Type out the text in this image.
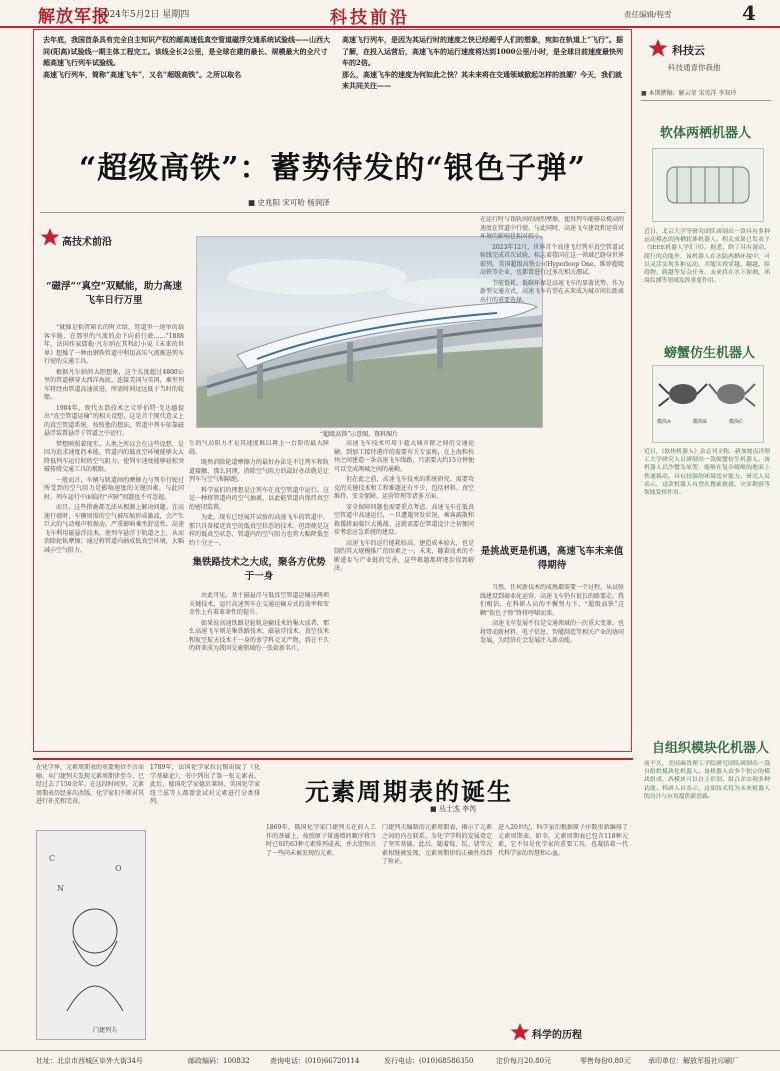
解放军报
2024年5月2日 星期四	科技前沿	责任编辑/程雪	4
去年底，我国首条具有完全自主知识产权的超高速低真空管道磁浮交通系统试验线——山西大同(阳高)试验线一期主体工程完工。该线全长2公里，是全球在建的最长、规模最大的全尺寸超高速飞行列车试验线。
高速飞行列车，简称“高速飞车”，又名“超级高铁”。之所以取名
高速飞行列车，是因为其运行时的速度之快已经超乎人们的想象，宛如在轨道上“飞行”。据了解，在投入运营后，高速飞车的运行速度将达到1000公里/小时，是全球目前速度最快列车的2倍。
那么，高速飞车的速度为何如此之快？其未来将在交通领域掀起怎样的浪潮？今天，我们就来共同关注——
“超级高铁”：蓄势待发的“银色子弹”
■ 史兆阳 宋可哈 杨润泽
高技术前沿
“磁浮”“真空”双赋能，助力高速飞车日行万里

“就像是粘管箱长的时立给，管道里一速单的载客车舱，在那里的气流的动下向前行驶……”1888年，法国作家儒勒·凡尔纳在其科幻小说《未来的世界》想像了一种由钢铁管道中利用高压气流推进列车行驶的交通工具。

根据凡尔纳的大胆想象，这个长度超过4800公里的管道横穿大西洋海底，连接美国与英国，乘坐列车将经由管道高速前进，所需时间远远低于当时的轮船。

1904年，现代火箭技术之父罗伯特·戈达德提出“真空管道运输”的相关设想，这是首个现代意义上的真空管道系统。按照他的想法，管道中列车依靠磁悬浮装置悬浮于管道之中运行。

梦想映照着现实。人类之所以会在这些设想，是因为追求速度的本能，管道内的低真空环境能够大大降低列车运行时的空气阻力，使列车速度能够轻松突破传统交通工具的极限。

一般而言，车辆与轨道间的摩擦力与列车行驶过所受到的空气阻力是影响速度的关键因素。与此同时，列车运行中面临的“声障”问题也不可忽视。

而且，这些措施都无法从根源上解决问题。在高速行驶时，车辆周围的空气被压缩形成激波，会产生巨大的气动噪声和振动，严重影响乘坐舒适性。高速飞车利用磁悬浮技术，使列车悬浮于轨道之上，从而消除轮轨摩擦；通过将管道内抽成低真空环境，大幅减小空气阻力。

“超级高铁”示意图。资料图片

生的气动阻力才是其速度难以再上一台阶的最大障碍。

既然消除轮道摩擦力的最好办法是不让列车和轨道接触，那么同理，消除空气阻力的最好办法就是让列车与空气相隔绝。

科学家们的理想是让列车在真空管道中运行。这是一种将管道内的空气抽离，以此能管道内保持真空的密闭装置。

为此，现有已经展开试验的高速飞车的管道中，那只具备接近真空的低真空状态的技术。但即便是这样的低真空状态，管道内的空气阻力也将大幅降低至约十分之一。

集铁路技术之大成，聚各方优势于一身

由此可见，基于磁悬浮与低真空管道运输这两项关键技术，运行高速列车在交通运输方式的效率和安全性上有着革命性的提升。

如果说高速铁路是轮轨运输技术的集大成者，那么高速飞车则是集铁路技术、磁悬浮技术、真空技术和航空航天技术于一身的多学科交叉产物，将在不久的将来成为我国交通领域的一张崭新名片。

高速飞车技术可用于超大城市群之间的交通运输，到加工接待港岸的需要有关专家称，在上海和杭州之间建造一条高速飞车线路，只需要大约15分钟便可以完成两城之间的通勤。

但在此之前，高速飞车技术的系统研究、需要攻克的关键技术和工程难题还有不少，包括材料、真空维持、安全保障、运营管理等诸多方面。

安全保障问题也需要重点考虑。高速飞车在低真空管道中高速运行，一旦遭遇突发状况，乘客疏散和救援将面临巨大挑战。这就需要在管道设计之初便同步考虑应急系统的建设。

高速飞车的运行能耗较高，建造成本较大，也是制约其大规模推广的因素之一。未来，随着技术的不断进步与产业链的完善，这些难题都将逐步得到解决。

在运行时与铁轨间的剧烈摩擦，使得列车能够以极高的速度在管道中行驶。与此同时，高速飞车建设和运营对环境的影响也相对较小。

2023年12月，世界首个高速飞行列车真空管道试验线完成首次试验，标志着我国在这一领域已跻身世界前列。美国超级高铁公司Hyperloop One、维珍超级高铁等企业，也都曾进行过多次相关测试。

节能低耗、低碳环保是高速飞车的显著优势。作为新型交通方式，高速飞车有望在未来成为城市间长距离出行的重要选择。

是挑战更是机遇，高速飞车未来值得期待

当然，任何新技术的成熟都需要一个过程。从试验线建设到商业化运营，高速飞车仍有很长的路要走。我们相信，在科研人员的不懈努力下，“超级高铁”这颗“银色子弹”终将呼啸而来。

高速飞车发展不仅是交通领域的一次重大变革，也将带动新材料、电子信息、智能制造等相关产业的协同发展，为经济社会发展注入新动能。

科技云
科技通青你我他
■ 本期撰稿：解云莹 宋英洋 李双玲
软体两栖机器人
近日，北京大学等研究团队研制出一款具有多种运动模态的两栖软体机器人。相关成果已发表于《IEEE机器人学汇刊》。据悉，除了具有游动、爬行的功能外，该机器人在水陆两栖环境中，可以灵活实现多种运动，并能实现穿越、翻越、障碍物、跨越等复杂任务。未来将在水下探测、环境监测等领域发挥重要作用。
螃蟹仿生机器人
模块A	模块B	模块C
近日，《软体机器人》杂志刊文称，新加坡南洋理工大学研究人员研制出一款螃蟹仿生机器人。该机器人以沙蟹为原型，能够在复杂崎岖的地面上快速移动，具有较强的环境适应能力。研究人员表示，这款机器人有望在搜索救援、灾害勘察等领域发挥作用。
自组织模块化机器人
前不久，美国麻省理工学院研究团队研制出一款自组织模块化机器人。该机器人由多个独立的模块组成，各模块可以自主识别、组合并实现多种功能。科研人员表示，这项技术将为未来机器人的设计与应用提供新思路。
元素周期表的诞生
■ 丛士杰 李芮
C
O
N
门捷列夫
在化学界，元素周期表的重要地位不言而喻。从门捷列夫发现元素周期律至今，已经过去了150余年。在这段时间里，元素周期表历经多次改版，化学家们不断对其进行补充和完善。
1789年，法国化学家拉瓦锡出版了《化学基础论》，书中列出了第一张元素表。此后，德国化学家德贝莱纳、英国化学家纽兰兹等人都曾尝试对元素进行分类排列。
1869年，俄国化学家门捷列夫在前人工作的基础上，按照原子量递增的顺序将当时已知的63种元素排列成表，并大胆预言了一些尚未被发现的元素。
门捷列夫编制的元素周期表，揭示了元素之间的内在联系，为化学学科的发展奠定了坚实基础。此后，随着镓、钪、锗等元素相继被发现，元素周期律的正确性得到了验证。
进入20世纪，科学家们根据原子序数重新编排了元素周期表。如今，元素周期表已包含118种元素，它不仅是化学家的重要工具，也凝结着一代代科学家的智慧和心血。
科学的历程
社址：北京市西城区阜外大街34号	邮政编码：100832	查询电话：(010)66720114	发行电话：(010)68586350	定价每月20.80元	零售每份0.80元 承印单位：解放军报社印刷厂
